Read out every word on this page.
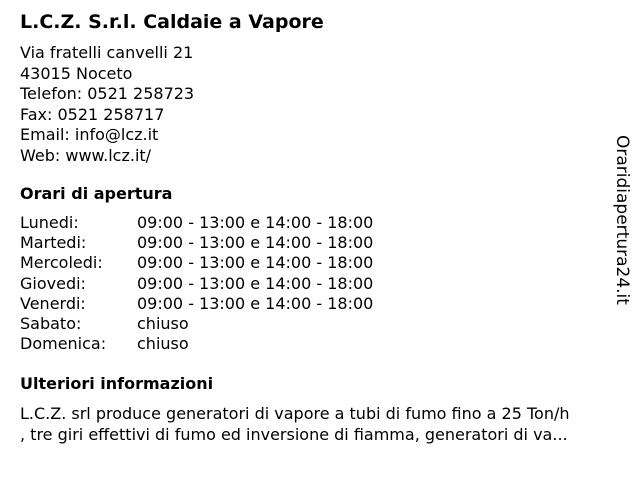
L.C.Z. S.r.l. Caldaie a Vapore
Via fratelli canvelli 21
43015 Noceto
Telefon: 0521 258723
Fax: 0521 258717
Email: info@lcz.it
Web: www.lcz.it/
Orari di apertura
Lunedi:	09:00 - 13:00 e 14:00 - 18:00
Martedi:	09:00 - 13:00 e 14:00 - 18:00
Mercoledi: 09:00 - 13:00 e 14:00 - 18:00
Giovedi:	09:00 - 13:00 e 14:00 - 18:00
Venerdi:	09:00 - 13:00 e 14:00 - 18:00
Sabato:	chiuso
Domenica: chiuso
Ulteriori informazioni
L.C.Z. srl produce generatori di vapore a tubi di fumo fino a 25 Ton/h
, tre giri effettivi di fumo ed inversione di fiamma, generatori di va...
Oraridiapertura24.it
